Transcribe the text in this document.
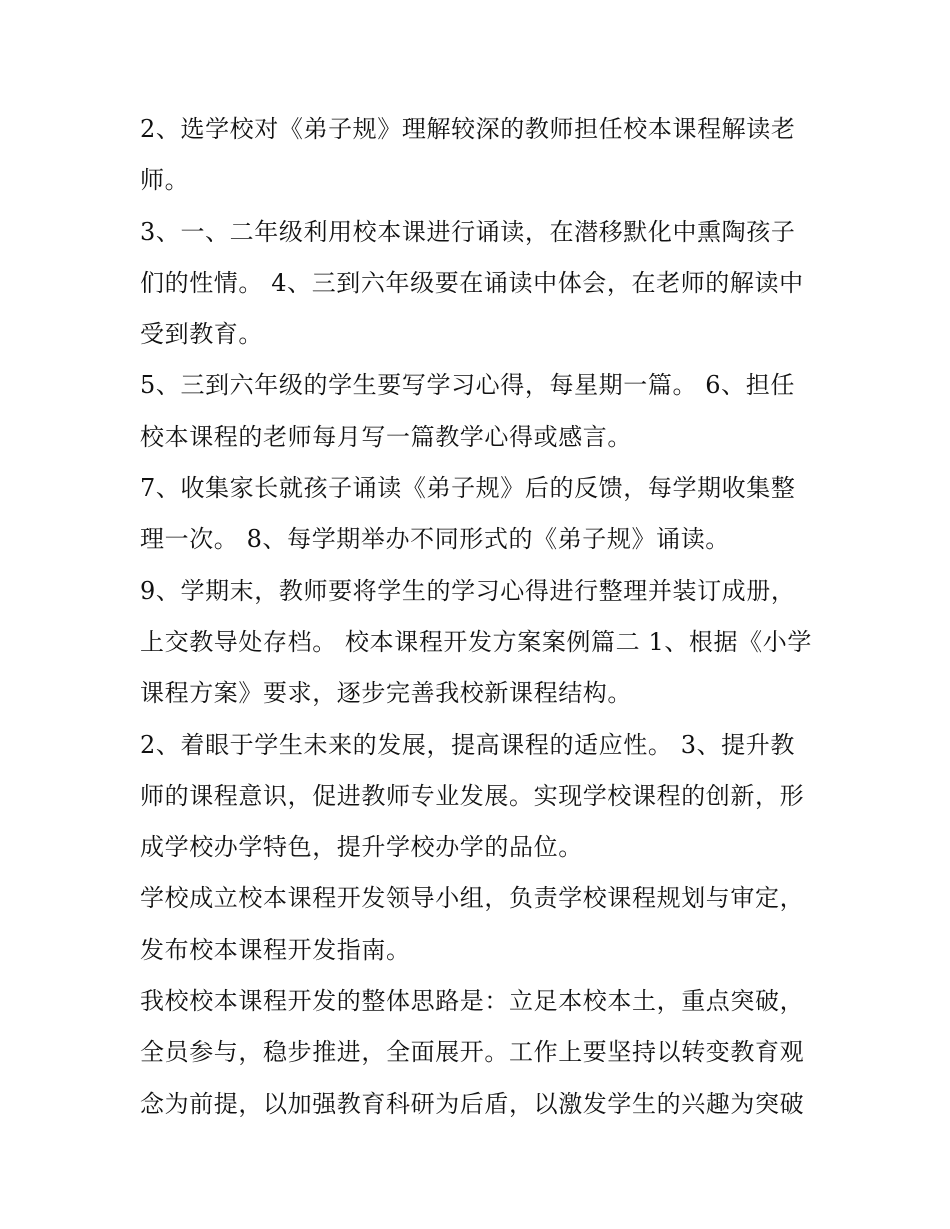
2、选学校对《弟子规》理解较深的教师担任校本课程解读老
师。
3、一、二年级利用校本课进行诵读，在潜移默化中熏陶孩子
们的性情。 4、三到六年级要在诵读中体会，在老师的解读中
受到教育。
5、三到六年级的学生要写学习心得，每星期一篇。 6、担任
校本课程的老师每月写一篇教学心得或感言。
7、收集家长就孩子诵读《弟子规》后的反馈，每学期收集整
理一次。 8、每学期举办不同形式的《弟子规》诵读。
9、学期末，教师要将学生的学习心得进行整理并装订成册，
上交教导处存档。 校本课程开发方案案例篇二 1、根据《小学
课程方案》要求，逐步完善我校新课程结构。
2、着眼于学生未来的发展，提高课程的适应性。 3、提升教
师的课程意识，促进教师专业发展。实现学校课程的创新，形
成学校办学特色，提升学校办学的品位。
学校成立校本课程开发领导小组，负责学校课程规划与审定，
发布校本课程开发指南。
我校校本课程开发的整体思路是：立足本校本土，重点突破，
全员参与，稳步推进，全面展开。工作上要坚持以转变教育观
念为前提，以加强教育科研为后盾，以激发学生的兴趣为突破
